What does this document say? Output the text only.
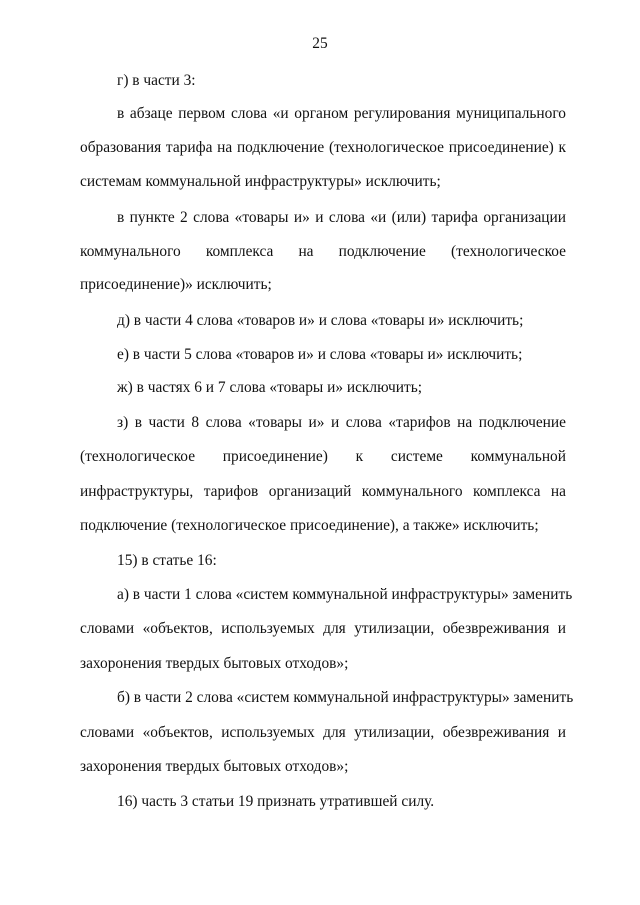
25
г) в части 3:
в абзаце первом слова «и органом регулирования муниципального
образования тарифа на подключение (технологическое присоединение) к
системам коммунальной инфраструктуры» исключить;
в пункте 2 слова «товары и» и слова «и (или) тарифа организации
коммунального комплекса на подключение (технологическое
присоединение)» исключить;
д) в части 4 слова «товаров и» и слова «товары и» исключить;
е) в части 5 слова «товаров и» и слова «товары и» исключить;
ж) в частях 6 и 7 слова «товары и» исключить;
з) в части 8 слова «товары и» и слова «тарифов на подключение
(технологическое присоединение) к системе коммунальной
инфраструктуры, тарифов организаций коммунального комплекса на
подключение (технологическое присоединение), а также» исключить;
15) в статье 16:
а) в части 1 слова «систем коммунальной инфраструктуры» заменить
словами «объектов, используемых для утилизации, обезвреживания и
захоронения твердых бытовых отходов»;
б) в части 2 слова «систем коммунальной инфраструктуры» заменить
словами «объектов, используемых для утилизации, обезвреживания и
захоронения твердых бытовых отходов»;
16) часть 3 статьи 19 признать утратившей силу.
